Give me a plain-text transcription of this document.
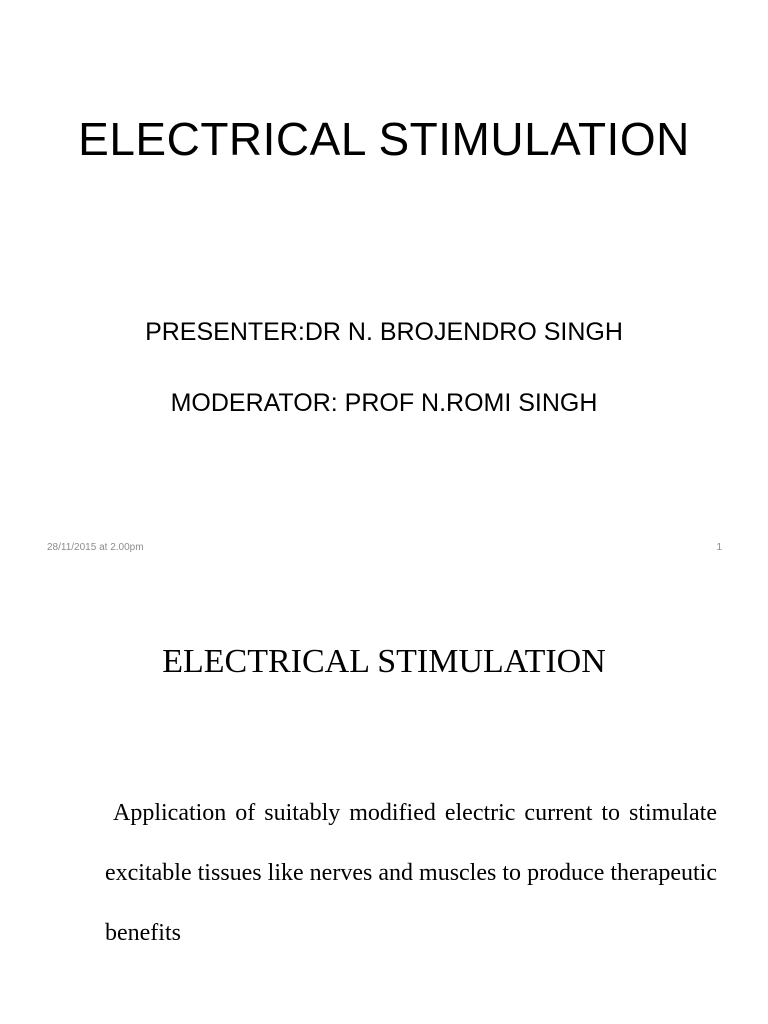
ELECTRICAL STIMULATION
PRESENTER:DR N. BROJENDRO SINGH
MODERATOR: PROF N.ROMI SINGH
28/11/2015 at 2.00pm	1
ELECTRICAL STIMULATION
Application of suitably modified electric current to stimulate excitable tissues like nerves and muscles to produce therapeutic benefits
